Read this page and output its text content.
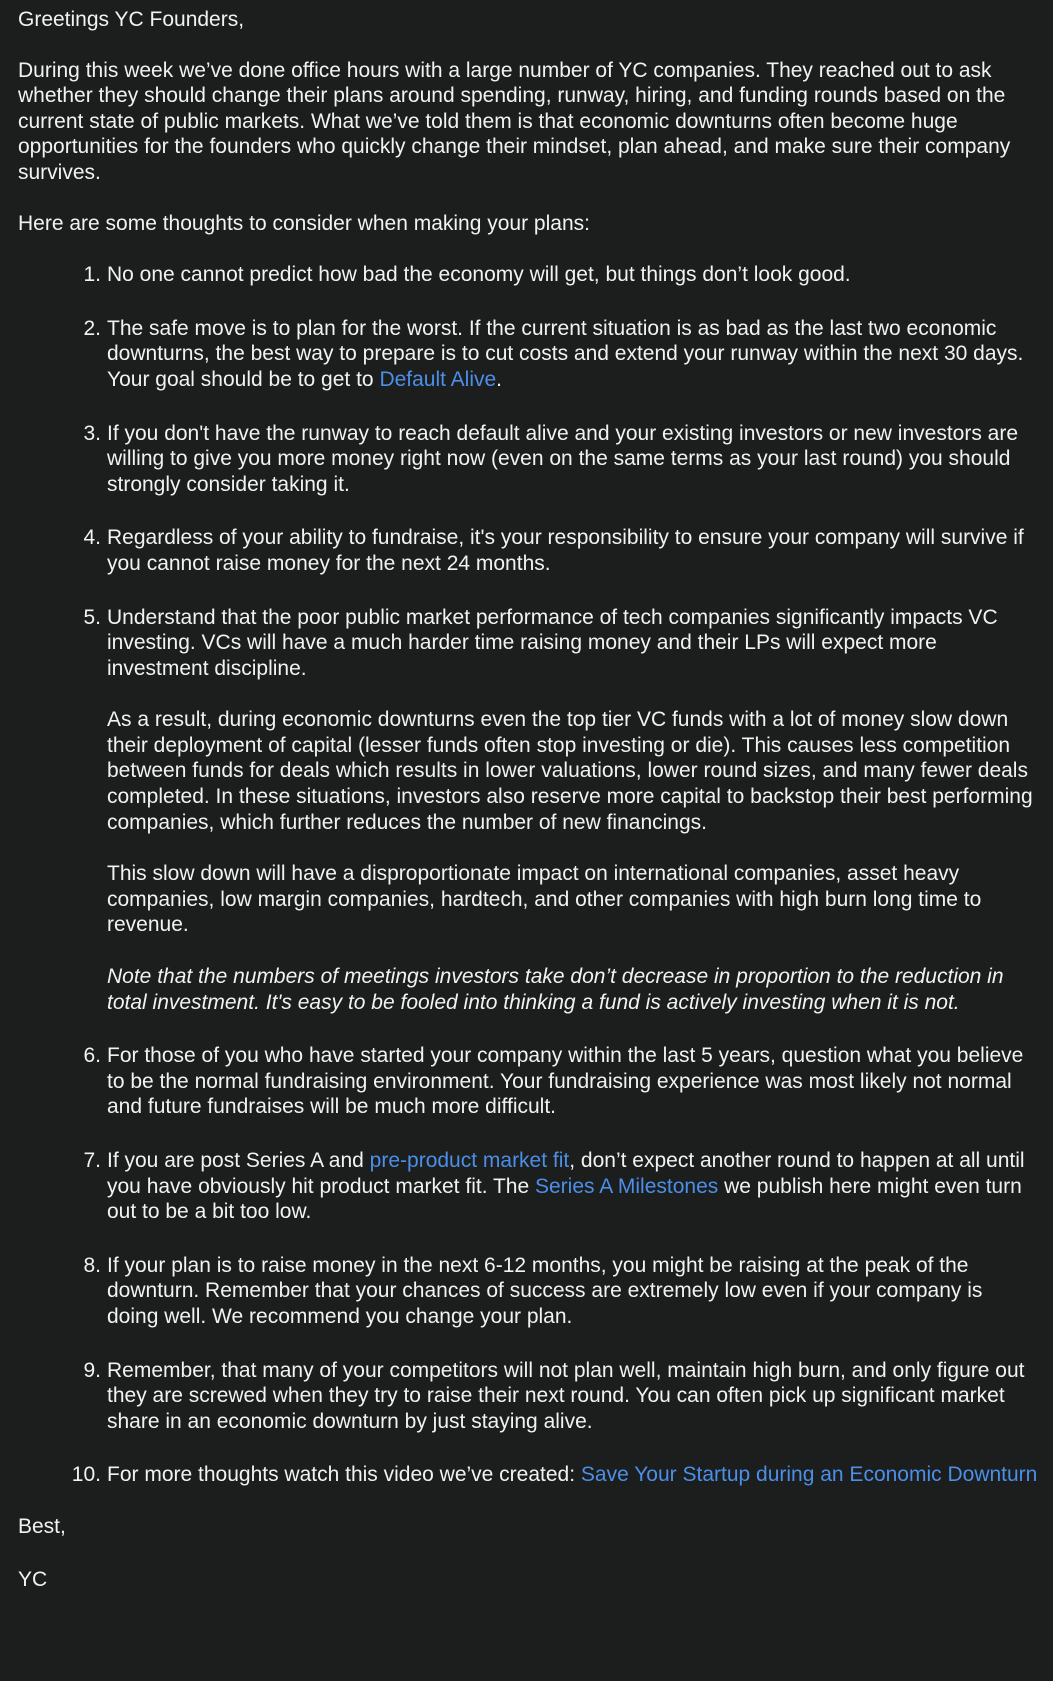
Greetings YC Founders,

During this week we’ve done office hours with a large number of YC companies. They reached out to ask whether they should change their plans around spending, runway, hiring, and funding rounds based on the current state of public markets. What we’ve told them is that economic downturns often become huge opportunities for the founders who quickly change their mindset, plan ahead, and make sure their company survives.

Here are some thoughts to consider when making your plans:

1. No one cannot predict how bad the economy will get, but things don’t look good.

2. The safe move is to plan for the worst. If the current situation is as bad as the last two economic downturns, the best way to prepare is to cut costs and extend your runway within the next 30 days. Your goal should be to get to Default Alive.

3. If you don't have the runway to reach default alive and your existing investors or new investors are willing to give you more money right now (even on the same terms as your last round) you should strongly consider taking it.

4. Regardless of your ability to fundraise, it's your responsibility to ensure your company will survive if you cannot raise money for the next 24 months.

5. Understand that the poor public market performance of tech companies significantly impacts VC investing. VCs will have a much harder time raising money and their LPs will expect more investment discipline.

As a result, during economic downturns even the top tier VC funds with a lot of money slow down their deployment of capital (lesser funds often stop investing or die). This causes less competition between funds for deals which results in lower valuations, lower round sizes, and many fewer deals completed. In these situations, investors also reserve more capital to backstop their best performing companies, which further reduces the number of new financings.

This slow down will have a disproportionate impact on international companies, asset heavy companies, low margin companies, hardtech, and other companies with high burn long time to revenue.

Note that the numbers of meetings investors take don’t decrease in proportion to the reduction in total investment. It's easy to be fooled into thinking a fund is actively investing when it is not.

6. For those of you who have started your company within the last 5 years, question what you believe to be the normal fundraising environment. Your fundraising experience was most likely not normal and future fundraises will be much more difficult.

7. If you are post Series A and pre-product market fit, don’t expect another round to happen at all until you have obviously hit product market fit. The Series A Milestones we publish here might even turn out to be a bit too low.

8. If your plan is to raise money in the next 6-12 months, you might be raising at the peak of the downturn. Remember that your chances of success are extremely low even if your company is doing well. We recommend you change your plan.

9. Remember, that many of your competitors will not plan well, maintain high burn, and only figure out they are screwed when they try to raise their next round. You can often pick up significant market share in an economic downturn by just staying alive.

10. For more thoughts watch this video we’ve created: Save Your Startup during an Economic Downturn

Best,

YC
